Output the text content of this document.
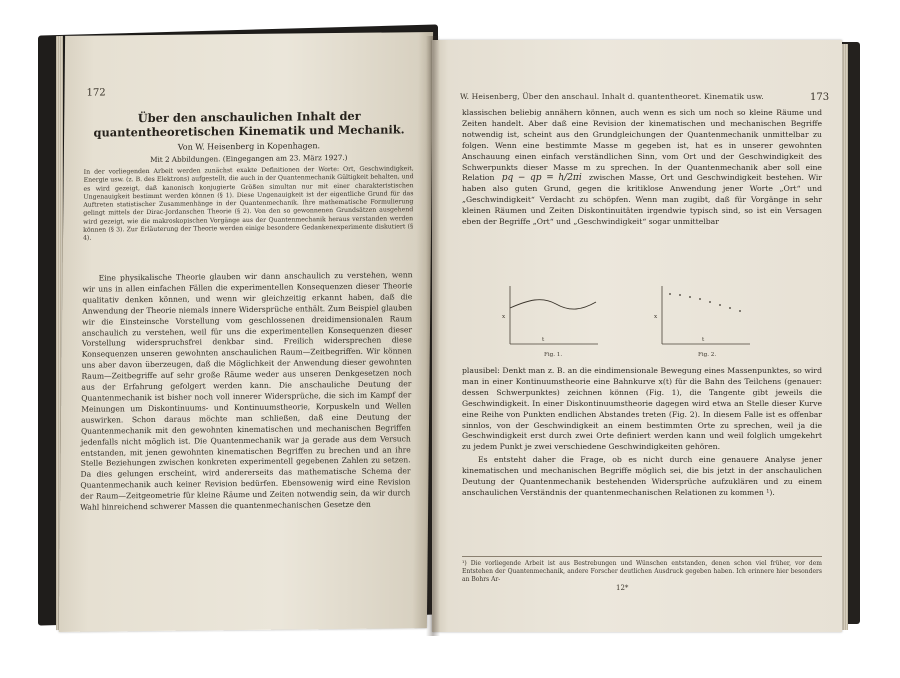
172
Über den anschaulichen Inhalt der quantentheoretischen Kinematik und Mechanik.
Von W. Heisenberg in Kopenhagen.
Mit 2 Abbildungen. (Eingegangen am 23. März 1927.)
In der vorliegenden Arbeit werden zunächst exakte Definitionen der Worte: Ort, Geschwindigkeit, Energie usw. (z. B. des Elektrons) aufgestellt, die auch in der Quantenmechanik Gültigkeit behalten, und es wird gezeigt, daß kanonisch konjugierte Größen simultan nur mit einer charakteristischen Ungenauigkeit bestimmt werden können (§ 1). Diese Ungenauigkeit ist der eigentliche Grund für das Auftreten statistischer Zusammenhänge in der Quantenmechanik. Ihre mathematische Formulierung gelingt mittels der Dirac-Jordanschen Theorie (§ 2). Von den so gewonnenen Grundsätzen ausgehend wird gezeigt, wie die makroskopischen Vorgänge aus der Quantenmechanik heraus verstanden werden können (§ 3). Zur Erläuterung der Theorie werden einige besondere Gedankenexperimente diskutiert (§ 4).
Eine physikalische Theorie glauben wir dann anschaulich zu verstehen, wenn wir uns in allen einfachen Fällen die experimentellen Konsequenzen dieser Theorie qualitativ denken können, und wenn wir gleichzeitig erkannt haben, daß die Anwendung der Theorie niemals innere Widersprüche enthält. Zum Beispiel glauben wir die Einsteinsche Vorstellung vom geschlossenen dreidimensionalen Raum anschaulich zu verstehen, weil für uns die experimentellen Konsequenzen dieser Vorstellung widerspruchsfrei denkbar sind. Freilich widersprechen diese Konsequenzen unseren gewohnten anschaulichen Raum—Zeitbegriffen. Wir können uns aber davon überzeugen, daß die Möglichkeit der Anwendung dieser gewohnten Raum—Zeitbegriffe auf sehr große Räume weder aus unseren Denkgesetzen noch aus der Erfahrung gefolgert werden kann. Die anschauliche Deutung der Quantenmechanik ist bisher noch voll innerer Widersprüche, die sich im Kampf der Meinungen um Diskontinuums- und Kontinuumstheorie, Korpuskeln und Wellen auswirken. Schon daraus möchte man schließen, daß eine Deutung der Quantenmechanik mit den gewohnten kinematischen und mechanischen Begriffen jedenfalls nicht möglich ist. Die Quantenmechanik war ja gerade aus dem Versuch entstanden, mit jenen gewohnten kinematischen Begriffen zu brechen und an ihre Stelle Beziehungen zwischen konkreten experimentell gegebenen Zahlen zu setzen. Da dies gelungen erscheint, wird andererseits das mathematische Schema der Quantenmechanik auch keiner Revision bedürfen. Ebensowenig wird eine Revision der Raum—Zeitgeometrie für kleine Räume und Zeiten notwendig sein, da wir durch Wahl hinreichend schwerer Massen die quantenmechanischen Gesetze den
W. Heisenberg, Über den anschaul. Inhalt d. quantentheoret. Kinematik usw.	173
klassischen beliebig annähern können, auch wenn es sich um noch so kleine Räume und Zeiten handelt. Aber daß eine Revision der kinematischen und mechanischen Begriffe notwendig ist, scheint aus den Grundgleichungen der Quantenmechanik unmittelbar zu folgen. Wenn eine bestimmte Masse m gegeben ist, hat es in unserer gewohnten Anschauung einen einfach verständlichen Sinn, vom Ort und der Geschwindigkeit des Schwerpunkts dieser Masse m zu sprechen. In der Quantenmechanik aber soll eine Relation pq − qp = h/2πi zwischen Masse, Ort und Geschwindigkeit bestehen. Wir haben also guten Grund, gegen die kritiklose Anwendung jener Worte „Ort“ und „Geschwindigkeit“ Verdacht zu schöpfen. Wenn man zugibt, daß für Vorgänge in sehr kleinen Räumen und Zeiten Diskontinuitäten irgendwie typisch sind, so ist ein Versagen eben der Begriffe „Ort“ und „Geschwindigkeit“ sogar unmittelbar
x
t
Fig. 1.
x
t
Fig. 2.
plausibel: Denkt man z. B. an die eindimensionale Bewegung eines Massenpunktes, so wird man in einer Kontinuumstheorie eine Bahnkurve x(t) für die Bahn des Teilchens (genauer: dessen Schwerpunktes) zeichnen können (Fig. 1), die Tangente gibt jeweils die Geschwindigkeit. In einer Diskontinuumstheorie dagegen wird etwa an Stelle dieser Kurve eine Reihe von Punkten endlichen Abstandes treten (Fig. 2). In diesem Falle ist es offenbar sinnlos, von der Geschwindigkeit an einem bestimmten Orte zu sprechen, weil ja die Geschwindigkeit erst durch zwei Orte definiert werden kann und weil folglich umgekehrt zu jedem Punkt je zwei verschiedene Geschwindigkeiten gehören.
Es entsteht daher die Frage, ob es nicht durch eine genauere Analyse jener kinematischen und mechanischen Begriffe möglich sei, die bis jetzt in der anschaulichen Deutung der Quantenmechanik bestehenden Widersprüche aufzuklären und zu einem anschaulichen Verständnis der quantenmechanischen Relationen zu kommen ¹).
¹) Die vorliegende Arbeit ist aus Bestrebungen und Wünschen entstanden, denen schon viel früher, vor dem Entstehen der Quantenmechanik, andere Forscher deutlichen Ausdruck gegeben haben. Ich erinnere hier besonders an Bohrs Ar-
12*
